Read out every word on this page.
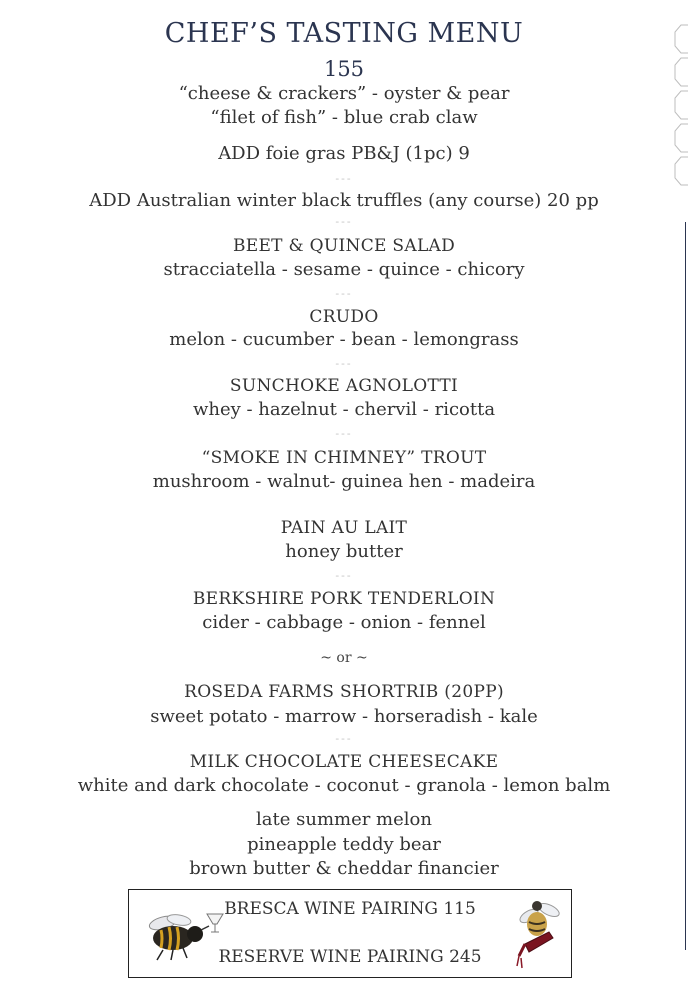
CHEF’S TASTING MENU
155
“cheese & crackers” - oyster & pear
“filet of fish” - blue crab claw
ADD foie gras PB&J (1pc) 9
---
ADD Australian winter black truffles (any course) 20 pp
---
BEET & QUINCE SALAD
stracciatella - sesame - quince - chicory
---
CRUDO
melon - cucumber - bean - lemongrass
---
SUNCHOKE AGNOLOTTI
whey - hazelnut - chervil - ricotta
---
“SMOKE IN CHIMNEY” TROUT
mushroom - walnut- guinea hen - madeira
PAIN AU LAIT
honey butter
---
BERKSHIRE PORK TENDERLOIN
cider - cabbage - onion - fennel
~ or ~
ROSEDA FARMS SHORTRIB (20PP)
sweet potato - marrow - horseradish - kale
---
MILK CHOCOLATE CHEESECAKE
white and dark chocolate - coconut - granola - lemon balm
late summer melon
pineapple teddy bear
brown butter & cheddar financier
BRESCA WINE PAIRING 115
RESERVE WINE PAIRING 245
